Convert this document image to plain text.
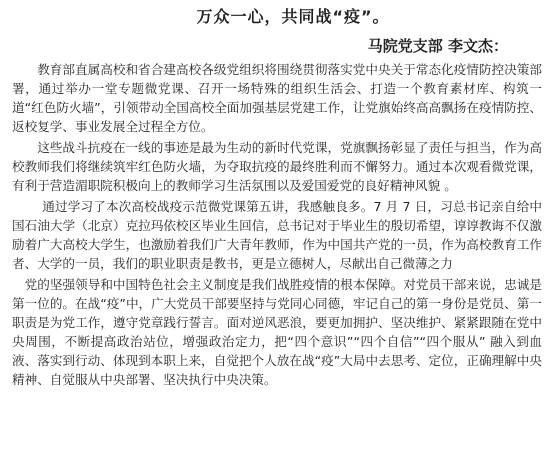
万众一心，共同战“疫”。
马院党支部 李文杰：

教育部直属高校和省合建高校各级党组织将围绕贯彻落实党中央关于常态化疫情防控决策部署，通过举办一堂专题微党课、召开一场特殊的组织生活会、打造一个教育素材库、构筑一道“红色防火墙”，引领带动全国高校全面加强基层党建工作，让党旗始终高高飘扬在疫情防控、返校复学、事业发展全过程全方位。

这些战斗抗疫在一线的事迹是最为生动的新时代党课，党旗飘扬彰显了责任与担当，作为高校教师我们将继续筑牢红色防火墙，为夺取抗疫的最终胜利而不懈努力。通过本次观看微党课，有利于营造湄职院积极向上的教师学习生活氛围以及爱国爱党的良好精神风貌 。

通过学习了本次高校战疫示范微党课第五讲，我感触良多。7 月 7 日，习总书记亲自给中国石油大学（北京）克拉玛依校区毕业生回信，总书记对于毕业生的殷切希望，谆谆教诲不仅激励着广大高校大学生，也激励着我们广大青年教师，作为中国共产党的一员，作为高校教育工作者、大学的一员，我们的职业职责是教书，更是立德树人，尽献出自己微薄之力

党的坚强领导和中国特色社会主义制度是我们战胜疫情的根本保障。对党员干部来说，忠诚是第一位的。在战“疫”中，广大党员干部要坚持与党同心同德，牢记自己的第一身份是党员、第一职责是为党工作，遵守党章践行誓言。面对逆风恶浪，要更加拥护、坚决维护、紧紧跟随在党中央周围，不断提高政治站位，增强政治定力，把“四个意识”“四个自信”“四个服从” 融入到血液、落实到行动、体现到本职上来，自觉把个人放在战“疫”大局中去思考、定位，正确理解中央精神、自觉服从中央部署、坚决执行中央决策。
